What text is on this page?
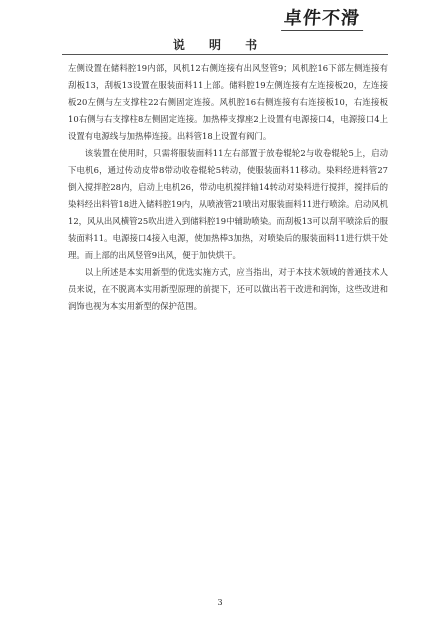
卓件不滑
说 明 书

左侧设置在储料腔19内部，风机12右侧连接有出风竖管9；风机腔16下部左侧连接有刮板13，刮板13设置在服装面料11上部。储料腔19左侧连接有左连接板20，左连接板20左侧与左支撑柱22右侧固定连接。风机腔16右侧连接有右连接板10，右连接板10右侧与右支撑柱8左侧固定连接。加热棒支撑座2上设置有电源接口4，电源接口4上设置有电源线与加热棒连接。出料管18上设置有阀门。

该装置在使用时，只需将服装面料11左右部置于放卷辊轮2与收卷辊轮5上，启动下电机6，通过传动皮带8带动收卷辊轮5转动，使服装面料11移动。染料经进料管27倒入搅拌腔28内，启动上电机26，带动电机搅拌轴14转动对染料进行搅拌，搅拌后的染料经出料管18进入储料腔19内，从喷液管21喷出对服装面料11进行喷涂。启动风机12，风从出风横管25吹出进入到储料腔19中辅助喷染。而刮板13可以刮平喷涂后的服装面料11。电源接口4接入电源，使加热棒3加热，对喷染后的服装面料11进行烘干处理。而上部的出风竖管9出风，便于加快烘干。

以上所述是本实用新型的优选实施方式，应当指出，对于本技术领域的普通技术人员来说，在不脱离本实用新型原理的前提下，还可以做出若干改进和润饰，这些改进和润饰也视为本实用新型的保护范围。

3
